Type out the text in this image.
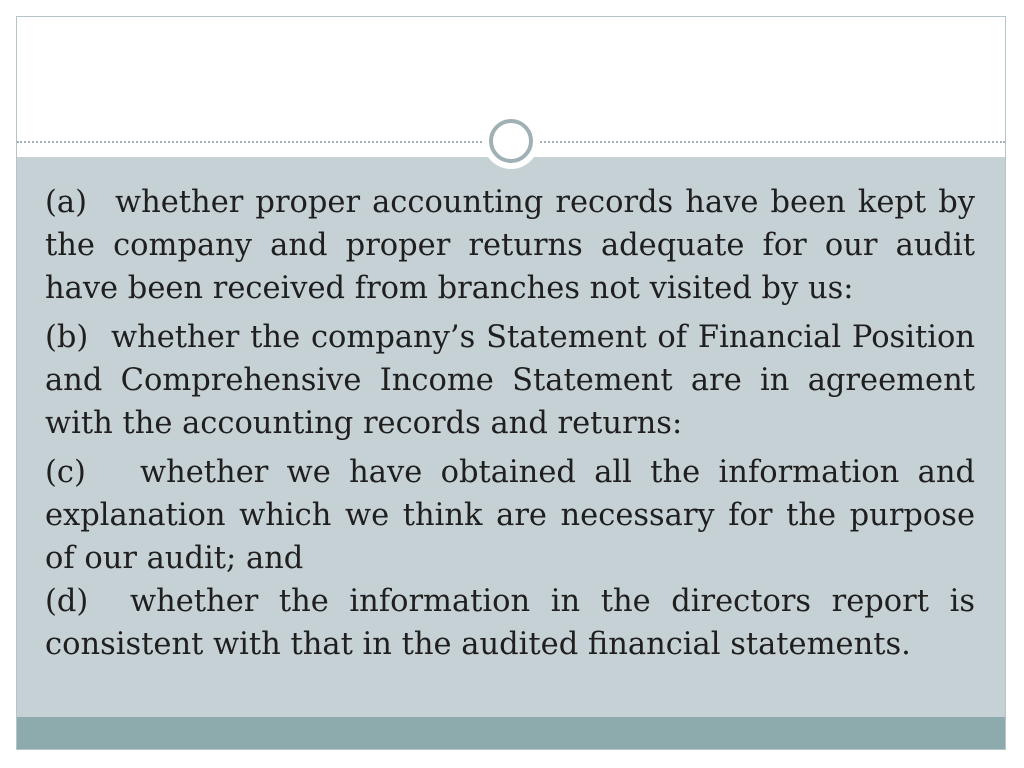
(a) whether proper accounting records have been kept by the company and proper returns adequate for our audit have been received from branches not visited by us:

(b) whether the company’s Statement of Financial Position and Comprehensive Income Statement are in agreement with the accounting records and returns:

(c) whether we have obtained all the information and explanation which we think are necessary for the purpose of our audit; and

(d) whether the information in the directors report is consistent with that in the audited financial statements.
